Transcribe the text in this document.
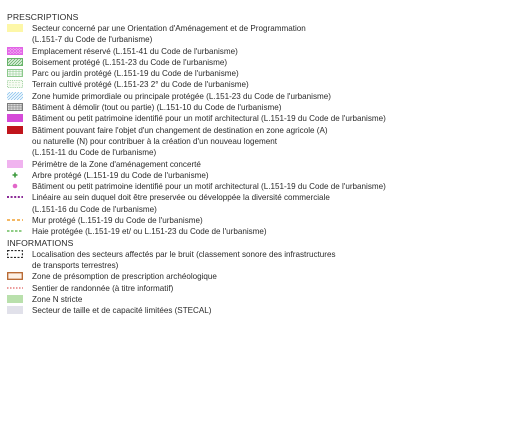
PRESCRIPTIONS
Secteur concerné par une Orientation d'Aménagement et de Programmation
(L.151-7 du Code de l'urbanisme)
Emplacement réservé (L.151-41 du Code de l'urbanisme)
Boisement protégé (L.151-23 du Code de l'urbanisme)
Parc ou jardin protégé (L.151-19 du Code de l'urbanisme)
Terrain cultivé protégé (L.151-23 2° du Code de l'urbanisme)
Zone humide primordiale ou principale protégée (L.151-23 du Code de l'urbanisme)
Bâtiment à démolir (tout ou partie) (L.151-10 du Code de l'urbanisme)
Bâtiment ou petit patrimoine identifié pour un motif architectural (L.151-19 du Code de l'urbanisme)
Bâtiment pouvant faire l'objet d'un changement de destination en zone agricole (A)
ou naturelle (N) pour contribuer à la création d'un nouveau logement
(L.151-11 du Code de l'urbanisme)
Périmètre de la Zone d'aménagement concerté
Arbre protégé (L.151-19 du Code de l'urbanisme)
Bâtiment ou petit patrimoine identifié pour un motif architectural (L.151-19 du Code de l'urbanisme)
Linéaire au sein duquel doit être preservée ou développée la diversité commerciale
(L.151-16 du Code de l'urbanisme)
Mur protégé (L.151-19 du Code de l'urbanisme)
Haie protégée (L.151-19 et/ ou L.151-23 du Code de l'urbanisme)
INFORMATIONS
Localisation des secteurs affectés par le bruit (classement sonore des infrastructures
de transports terrestres)
Zone de présomption de prescription archéologique
Sentier de randonnée (à titre informatif)
Zone N stricte
Secteur de taille et de capacité limitées (STECAL)
